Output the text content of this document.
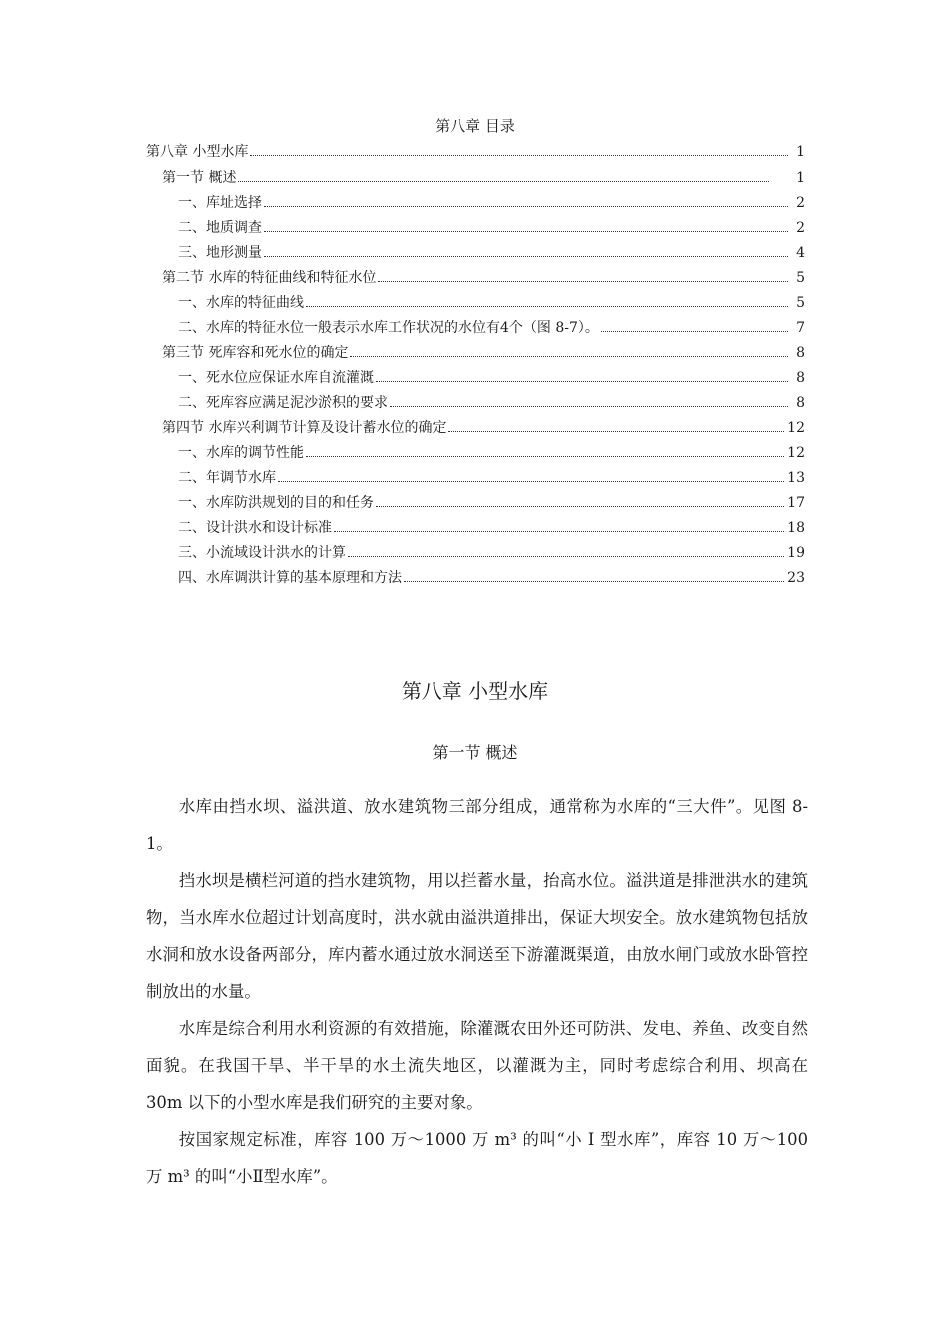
第八章 目录
第八章 小型水库	1
第一节 概述	1
一、库址选择	2
二、地质调查	2
三、地形测量	4
第二节 水库的特征曲线和特征水位	5
一、水库的特征曲线	5
二、水库的特征水位一般表示水库工作状况的水位有4个（图 8-7）。	7
第三节 死库容和死水位的确定	8
一、死水位应保证水库自流灌溉	8
二、死库容应满足泥沙淤积的要求	8
第四节 水库兴利调节计算及设计蓄水位的确定	12
一、水库的调节性能	12
二、年调节水库	13
一、水库防洪规划的目的和任务	17
二、设计洪水和设计标准	18
三、小流域设计洪水的计算	19
四、水库调洪计算的基本原理和方法	23
第八章 小型水库
第一节 概述

水库由挡水坝、溢洪道、放水建筑物三部分组成，通常称为水库的“三大件”。见图 8-1。

挡水坝是横栏河道的挡水建筑物，用以拦蓄水量，抬高水位。溢洪道是排泄洪水的建筑物，当水库水位超过计划高度时，洪水就由溢洪道排出，保证大坝安全。放水建筑物包括放水洞和放水设备两部分，库内蓄水通过放水洞送至下游灌溉渠道，由放水闸门或放水卧管控制放出的水量。

水库是综合利用水利资源的有效措施，除灌溉农田外还可防洪、发电、养鱼、改变自然面貌。在我国干旱、半干旱的水土流失地区，以灌溉为主，同时考虑综合利用、坝高在 30m 以下的小型水库是我们研究的主要对象。

按国家规定标准，库容 100 万～1000 万 m³ 的叫“小 I 型水库”，库容 10 万～100 万 m³ 的叫“小Ⅱ型水库”。
